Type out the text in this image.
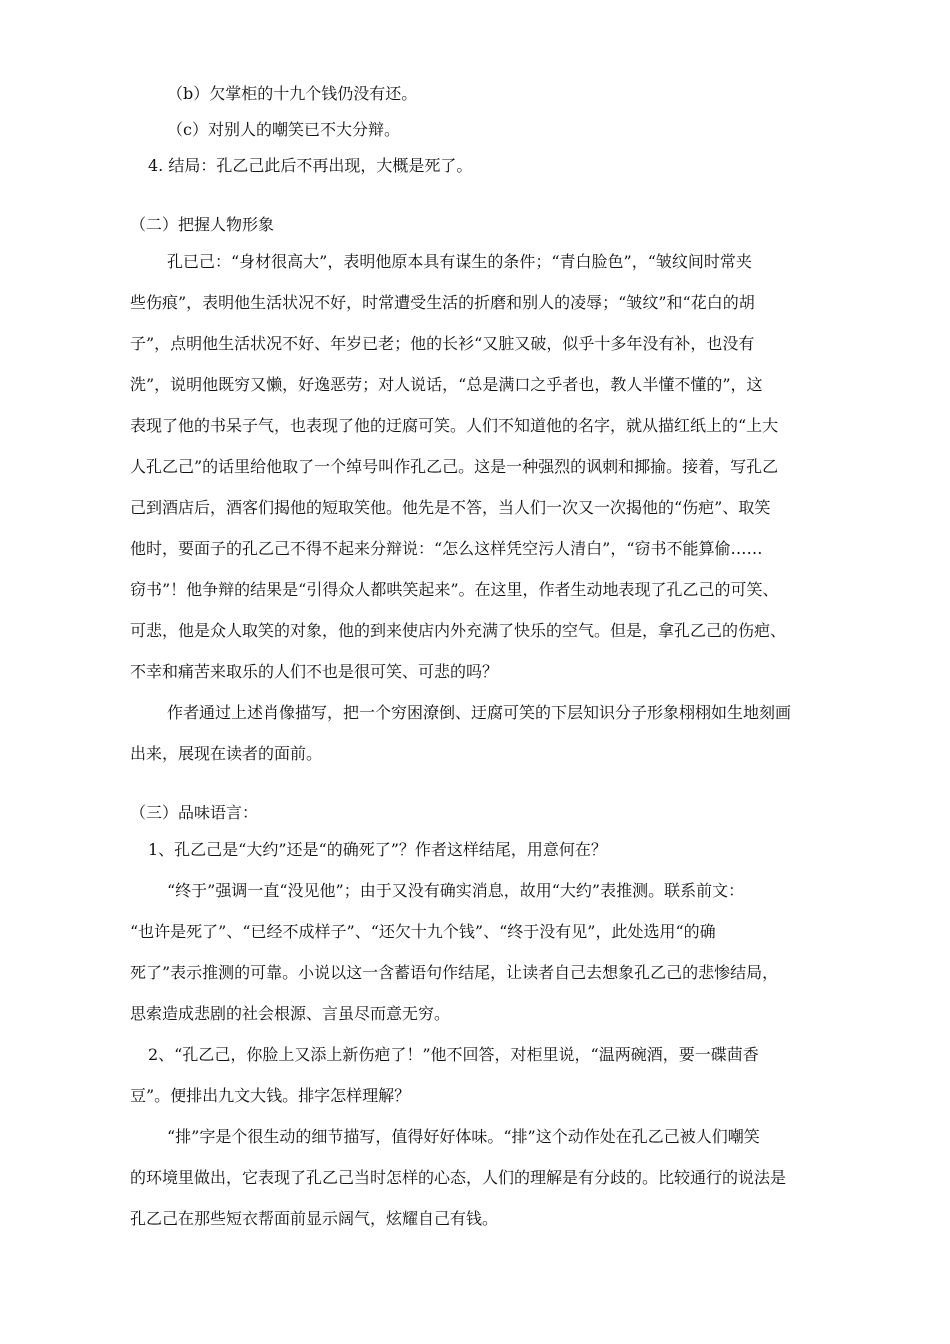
（b）欠掌柜的十九个钱仍没有还。
（c）对别人的嘲笑已不大分辩。
4. 结局：孔乙己此后不再出现，大概是死了。
（二）把握人物形象
孔已己：“身材很高大”，表明他原本具有谋生的条件；“青白脸色”，“皱纹间时常夹
些伤痕”，表明他生活状况不好，时常遭受生活的折磨和别人的凌辱；“皱纹”和“花白的胡
子”，点明他生活状况不好、年岁已老；他的长衫“又脏又破，似乎十多年没有补，也没有
洗”，说明他既穷又懒，好逸恶劳；对人说话，“总是满口之乎者也，教人半懂不懂的”，这
表现了他的书呆子气，也表现了他的迂腐可笑。人们不知道他的名字，就从描红纸上的“上大
人孔乙己”的话里给他取了一个绰号叫作孔乙己。这是一种强烈的讽刺和揶揄。接着，写孔乙
己到酒店后，酒客们揭他的短取笑他。他先是不答，当人们一次又一次揭他的“伤疤”、取笑
他时，要面子的孔乙己不得不起来分辩说：“怎么这样凭空污人清白”，“窃书不能算偷……
窃书”！他争辩的结果是“引得众人都哄笑起来”。在这里，作者生动地表现了孔乙己的可笑、
可悲，他是众人取笑的对象，他的到来使店内外充满了快乐的空气。但是，拿孔乙己的伤疤、
不幸和痛苦来取乐的人们不也是很可笑、可悲的吗？
作者通过上述肖像描写，把一个穷困潦倒、迂腐可笑的下层知识分子形象栩栩如生地刻画
出来，展现在读者的面前。
（三）品味语言：
1、孔乙己是“大约”还是“的确死了”？作者这样结尾，用意何在？
“终于”强调一直“没见他”；由于又没有确实消息，故用“大约”表推测。联系前文：
“也许是死了”、“已经不成样子”、“还欠十九个钱”、“终于没有见”，此处选用“的确
死了”表示推测的可靠。小说以这一含蓄语句作结尾，让读者自己去想象孔乙己的悲惨结局，
思索造成悲剧的社会根源、言虽尽而意无穷。
2、“孔乙己，你脸上又添上新伤疤了！”他不回答，对柜里说，“温两碗酒，要一碟茴香
豆”。便排出九文大钱。排字怎样理解？
“排”字是个很生动的细节描写，值得好好体味。“排”这个动作处在孔乙己被人们嘲笑
的环境里做出，它表现了孔乙己当时怎样的心态，人们的理解是有分歧的。比较通行的说法是
孔乙己在那些短衣帮面前显示阔气，炫耀自己有钱。
